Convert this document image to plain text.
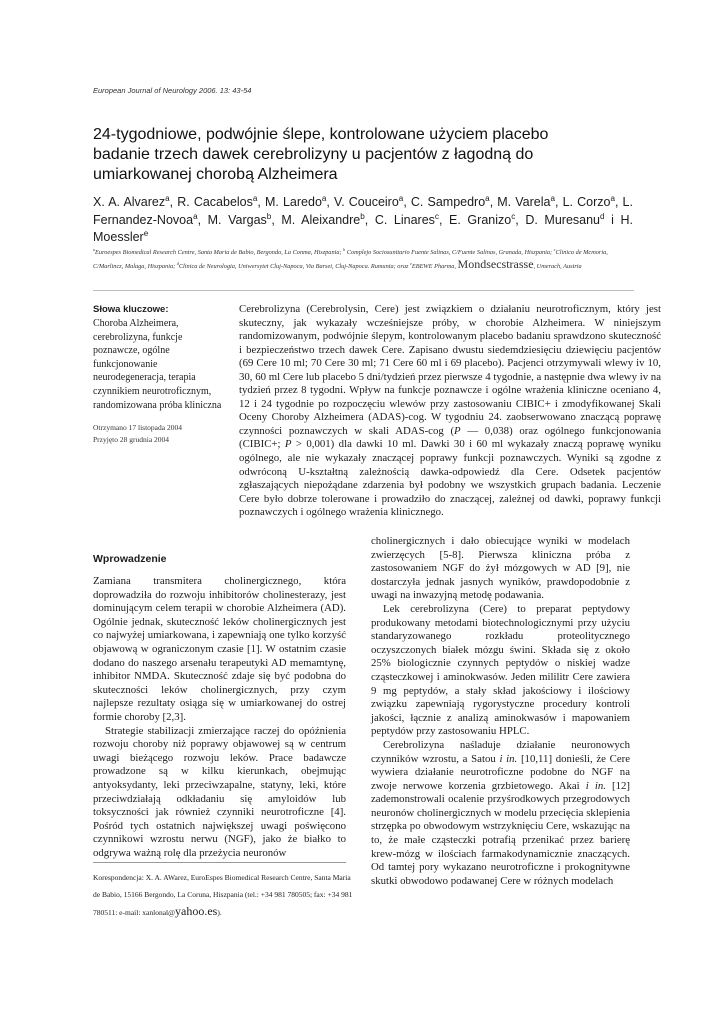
European Journal of Neurology 2006. 13: 43-54
24-tygodniowe, podwójnie ślepe, kontrolowane użyciem placebo badanie trzech dawek cerebrolizyny u pacjentów z łagodną do umiarkowanej chorobą Alzheimera
X. A. Alvarez$^a$, R. Cacabelos$^a$, M. Laredo$^a$, V. Couceiro$^a$, C. Sampedro$^a$, M. Varela$^a$, L. Corzo$^a$, L. Fernandez-Novoa$^a$, M. Vargas$^b$, M. Aleixandre$^b$, C. Linares$^c$, E. Granizo$^c$, D. Muresanu$^d$ i H. Moessler$^e$
$^a$Euroespes Biomedical Research Centre, Santa Maria de Babio, Bergondo, La Conma, Hiszpania; $^b$ Complejo Sociosunitario Fuente Salinas, C/Fuente Salinas, Granada, Hiszpania; $^c$Clinica de Mcmoria, C/Marlincz, Malaga, Hiszpania; $^d$Clinica de Neurologia, Uniwersytet Cluj-Napoca, Via Barsei, Cluj-Napoca. Rumunia; oraz $^e$EBEWE Pharma, Mondsecstrasse, Umerach, Austria
Słowa kluczowe:
Choroba Alzheimera, cerebrolizyna, funkcje poznawcze, ogólne funkcjonowanie neurodegeneracja, terapia czynnikiem neurotroficznym, randomizowana próba kliniczna
Otrzymano 17 listopada 2004
Przyjęto 28 grudnia 2004
Cerebrolizyna (Cerebrolysin, Cere) jest związkiem o działaniu neurotroficznym, który jest skuteczny, jak wykazały wcześniejsze próby, w chorobie Alzheimera. W niniejszym randomizowanym, podwójnie ślepym, kontrolowanym placebo badaniu sprawdzono skuteczność i bezpieczeństwo trzech dawek Cere. Zapisano dwustu siedemdziesięciu dziewięciu pacjentów (69 Cere 10 ml; 70 Cere 30 ml; 71 Cere 60 ml i 69 placebo). Pacjenci otrzymywali wlewy iv 10, 30, 60 ml Cere lub placebo 5 dni/tydzień przez pierwsze 4 tygodnie, a następnie dwa wlewy iv na tydzień przez 8 tygodni. Wpływ na funkcje poznawcze i ogólne wrażenia kliniczne oceniano 4, 12 i 24 tygodnie po rozpoczęciu wlewów przy zastosowaniu CIBIC+ i zmodyfikowanej Skali Oceny Choroby Alzheimera (ADAS)-cog. W tygodniu 24. zaobserwowano znaczącą poprawę czynności poznawczych w skali ADAS-cog (P — 0,038) oraz ogólnego funkcjonowania (CIBIC+; P > 0,001) dla dawki 10 ml. Dawki 30 i 60 ml wykazały znaczą poprawę wyniku ogólnego, ale nie wykazały znaczącej poprawy funkcji poznawczych. Wyniki są zgodne z odwróconą U-kształtną zależnością dawka-odpowiedź dla Cere. Odsetek pacjentów zgłaszających niepożądane zdarzenia był podobny we wszystkich grupach badania. Leczenie Cere było dobrze tolerowane i prowadziło do znaczącej, zależnej od dawki, poprawy funkcji poznawczych i ogólnego wrażenia klinicznego.
Wprowadzenie

Zamiana transmitera cholinergicznego, która doprowadziła do rozwoju inhibitorów cholinesterazy, jest dominującym celem terapii w chorobie Alzheimera (AD). Ogólnie jednak, skuteczność leków cholinergicznych jest co najwyżej umiarkowana, i zapewniają one tylko korzyść objawową w ograniczonym czasie [1]. W ostatnim czasie dodano do naszego arsenału terapeutyki AD memamtynę, inhibitor NMDA. Skuteczność zdaje się być podobna do skuteczności leków cholinergicznych, przy czym najlepsze rezultaty osiąga się w umiarkowanej do ostrej formie choroby [2,3].

Strategie stabilizacji zmierzające raczej do opóźnienia rozwoju choroby niż poprawy objawowej są w centrum uwagi bieżącego rozwoju leków. Prace badawcze prowadzone są w kilku kierunkach, obejmując antyoksydanty, leki przeciwzapalne, statyny, leki, które przeciwdziałają odkładaniu się amyloidów lub toksyczności jak również czynniki neurotroficzne [4]. Pośród tych ostatnich największej uwagi poświęcono czynnikowi wzrostu nerwu (NGF), jako że białko to odgrywa ważną rolę dla przeżycia neuronów

cholinergicznych i dało obiecujące wyniki w modelach zwierzęcych [5-8]. Pierwsza kliniczna próba z zastosowaniem NGF do żył mózgowych w AD [9], nie dostarczyła jednak jasnych wyników, prawdopodobnie z uwagi na inwazyjną metodę podawania.

Lek cerebrolizyna (Cere) to preparat peptydowy produkowany metodami biotechnologicznymi przy użyciu standaryzowanego rozkładu proteolitycznego oczyszczonych białek mózgu świni. Składa się z około 25% biologicznie czynnych peptydów o niskiej wadze cząsteczkowej i aminokwasów. Jeden mililitr Cere zawiera 9 mg peptydów, a stały skład jakościowy i ilościowy związku zapewniają rygorystyczne procedury kontroli jakości, łącznie z analizą aminokwasów i mapowaniem peptydów przy zastosowaniu HPLC.

Cerebrolizyna naśladuje działanie neuronowych czynników wzrostu, a Satou i in. [10,11] donieśli, że Cere wywiera działanie neurotroficzne podobne do NGF na zwoje nerwowe korzenia grzbietowego. Akai i in. [12] zademonstrowali ocalenie przyśrodkowych przegrodowych neuronów cholinergicznych w modelu przecięcia sklepienia strzępka po obwodowym wstrzyknięciu Cere, wskazując na to, że małe cząsteczki potrafią przenikać przez barierę krew-mózg w ilościach farmakodynamicznie znaczących. Od tamtej pory wykazano neurotroficzne i prokognitywne skutki obwodowo podawanej Cere w różnych modelach

Korespondencja: X. A. AWarez, EuroEspes Biomedical Research Centre, Santa Maria de Babio, 15166 Bergondo, La Coruna, Hiszpania (tel.: +34 981 780505; fax: +34 981 780511: e-mail: xanlonal@yahoo.es).
